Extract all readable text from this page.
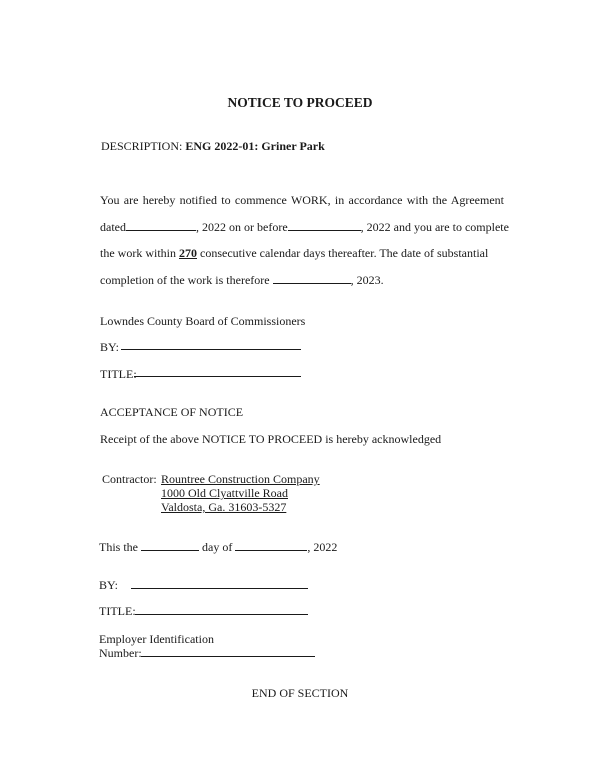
NOTICE TO PROCEED
DESCRIPTION: ENG 2022-01: Griner Park
You are hereby notified to commence WORK, in accordance with the Agreement
dated	, 2022 on or before	, 2022 and you are to complete
the work within 270 consecutive calendar days thereafter. The date of substantial
completion of the work is therefore	, 2023.
Lowndes County Board of Commissioners
BY:
TITLE:
ACCEPTANCE OF NOTICE
Receipt of the above NOTICE TO PROCEED is hereby acknowledged
Contractor: Rountree Construction Company
1000 Old Clyattville Road
Valdosta, Ga. 31603-5327
This the	day of	, 2022
BY:
TITLE:
Employer Identification
Number:
END OF SECTION
